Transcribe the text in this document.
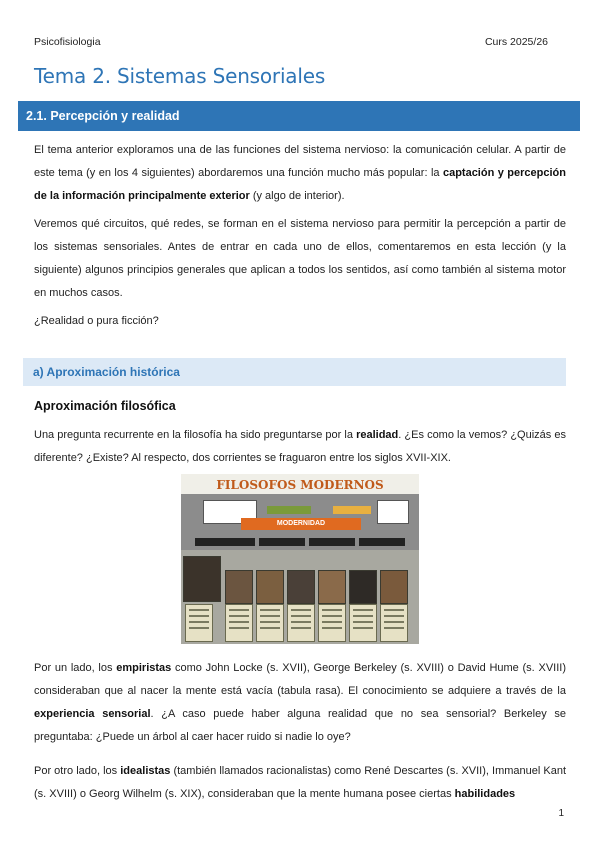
Psicofisiologia	Curs 2025/26
Tema 2. Sistemas Sensoriales
2.1. Percepción y realidad
El tema anterior exploramos una de las funciones del sistema nervioso: la comunicación celular. A partir de este tema (y en los 4 siguientes) abordaremos una función mucho más popular: la captación y percepción de la información principalmente exterior (y algo de interior).
Veremos qué circuitos, qué redes, se forman en el sistema nervioso para permitir la percepción a partir de los sistemas sensoriales. Antes de entrar en cada uno de ellos, comentaremos en esta lección (y la siguiente) algunos principios generales que aplican a todos los sentidos, así como también al sistema motor en muchos casos.
¿Realidad o pura ficción?
a) Aproximación histórica
Aproximación filosófica
Una pregunta recurrente en la filosofía ha sido preguntarse por la realidad. ¿Es como la vemos? ¿Quizás es diferente? ¿Existe? Al respecto, dos corrientes se fraguaron entre los siglos XVII-XIX.
FILOSOFOS MODERNOS
MODERNIDAD
Por un lado, los empiristas como John Locke (s. XVII), George Berkeley (s. XVIII) o David Hume (s. XVIII) consideraban que al nacer la mente está vacía (tabula rasa). El conocimiento se adquiere a través de la experiencia sensorial. ¿A caso puede haber alguna realidad que no sea sensorial? Berkeley se preguntaba: ¿Puede un árbol al caer hacer ruido si nadie lo oye?
Por otro lado, los idealistas (también llamados racionalistas) como René Descartes (s. XVII), Immanuel Kant (s. XVIII) o Georg Wilhelm (s. XIX), consideraban que la mente humana posee ciertas habilidades
1
